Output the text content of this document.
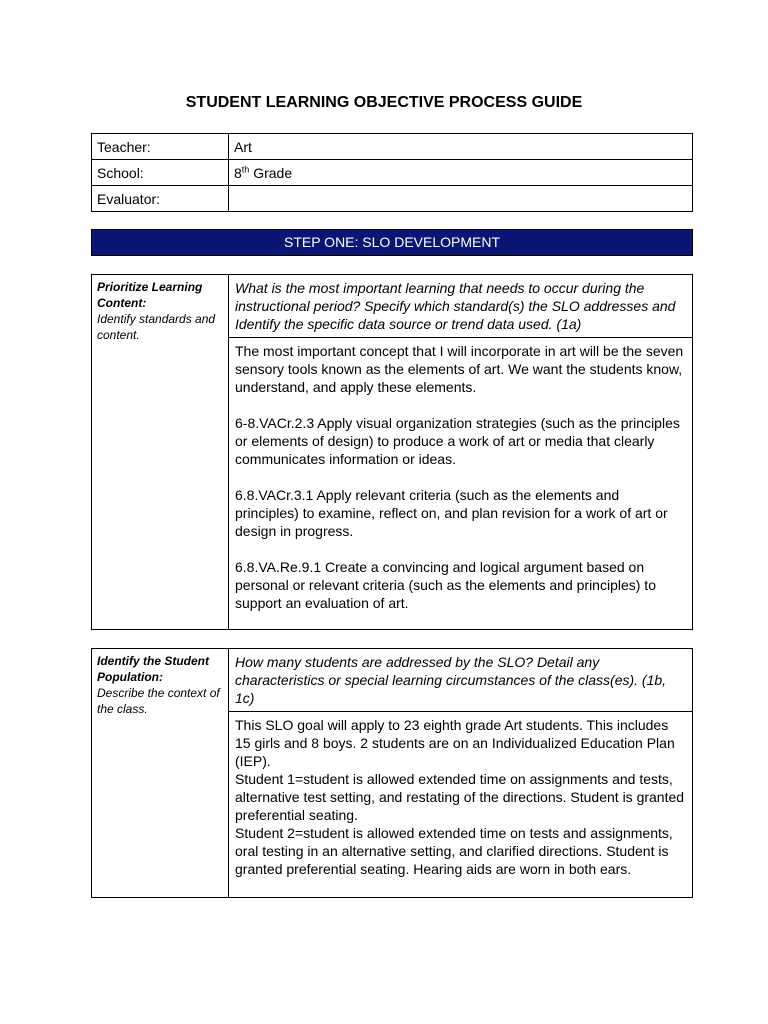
STUDENT LEARNING OBJECTIVE PROCESS GUIDE
Teacher:	Art
School:	8th Grade
Evaluator:	
STEP ONE: SLO DEVELOPMENT
Prioritize Learning Content:
Identify standards and content.
	What is the most important learning that needs to occur during the instructional period? Specify which standard(s) the SLO addresses and Identify the specific data source or trend data used. (1a)

The most important concept that I will incorporate in art will be the seven sensory tools known as the elements of art. We want the students know, understand, and apply these elements.

6-8.VACr.2.3 Apply visual organization strategies (such as the principles or elements of design) to produce a work of art or media that clearly communicates information or ideas.

6.8.VACr.3.1 Apply relevant criteria (such as the elements and principles) to examine, reflect on, and plan revision for a work of art or design in progress.

6.8.VA.Re.9.1 Create a convincing and logical argument based on personal or relevant criteria (such as the elements and principles) to support an evaluation of art.

Identify the Student Population:
Describe the context of the class.
	How many students are addressed by the SLO? Detail any characteristics or special learning circumstances of the class(es). (1b, 1c)

This SLO goal will apply to 23 eighth grade Art students. This includes 15 girls and 8 boys. 2 students are on an Individualized Education Plan (IEP).
Student 1=student is allowed extended time on assignments and tests, alternative test setting, and restating of the directions. Student is granted preferential seating.
Student 2=student is allowed extended time on tests and assignments, oral testing in an alternative setting, and clarified directions. Student is granted preferential seating. Hearing aids are worn in both ears.
